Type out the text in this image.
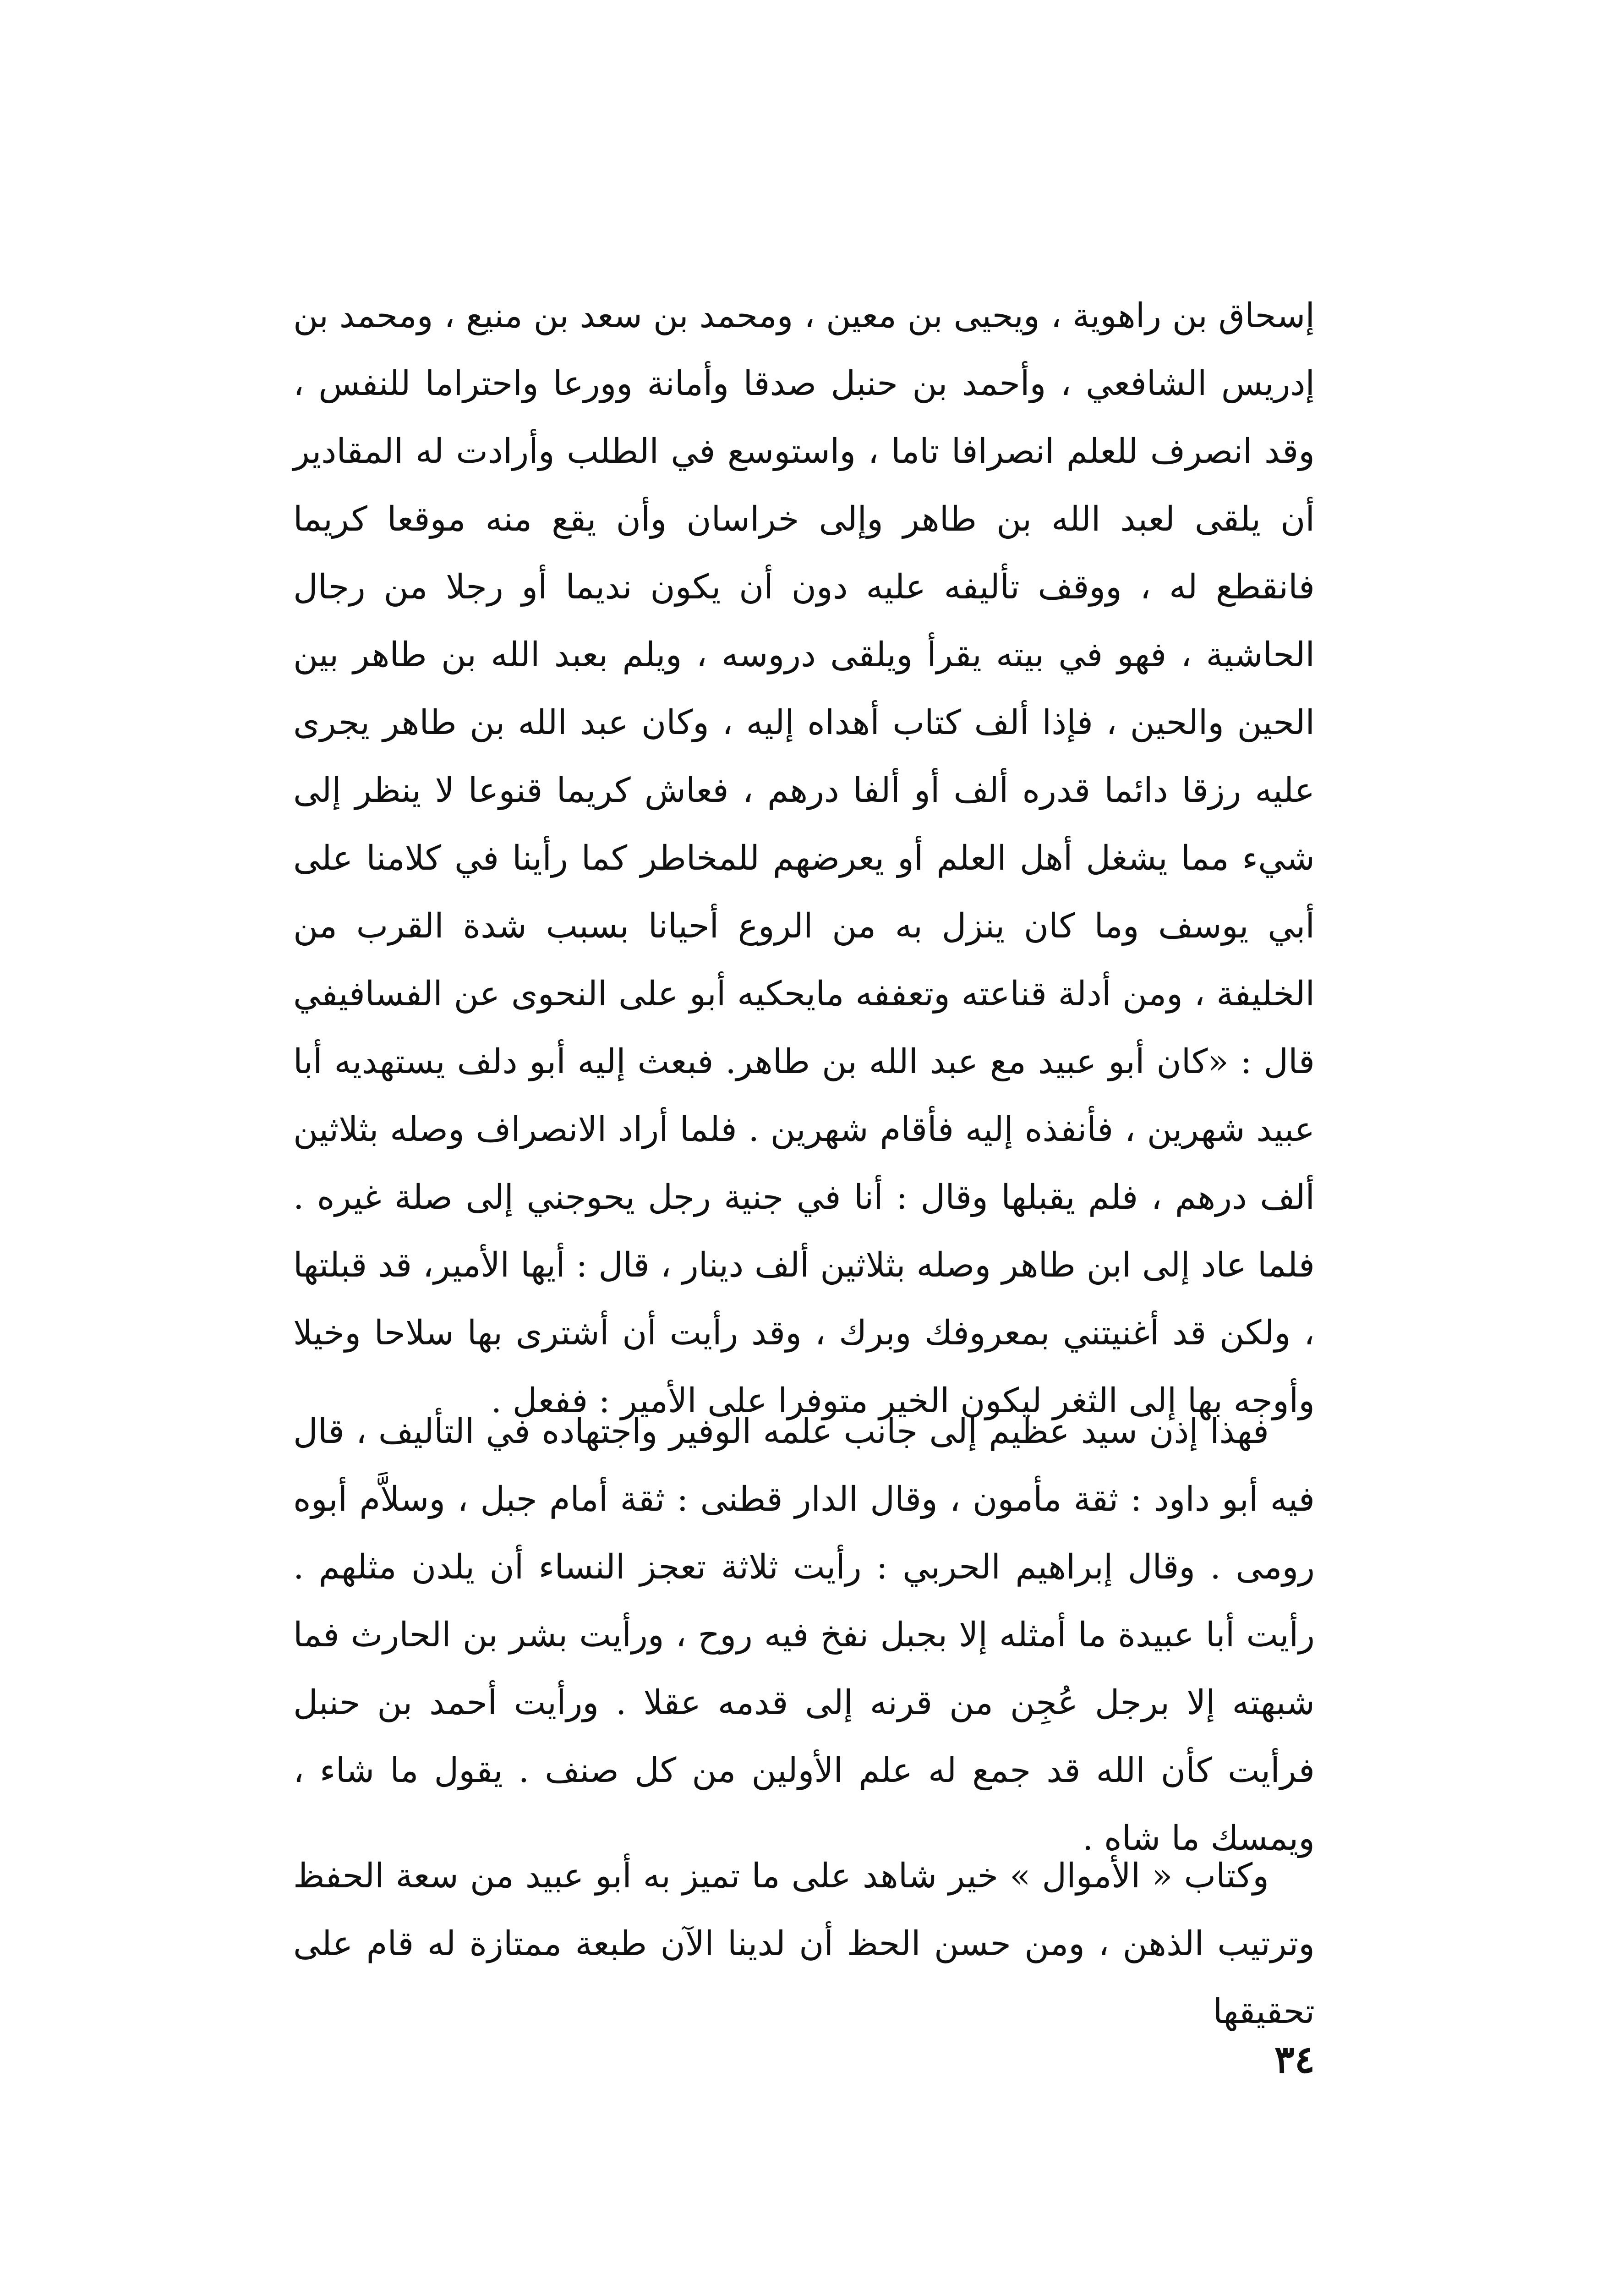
إسحاق بن راهوية ، ويحيى بن معين ، ومحمد بن سعد بن منيع ، ومحمد بن إدريس الشافعي ، وأحمد بن حنبل صدقا وأمانة وورعا واحتراما للنفس ، وقد انصرف للعلم انصرافا تاما ، واستوسع في الطلب وأرادت له المقادير أن يلقى لعبد الله بن طاهر وإلى خراسان وأن يقع منه موقعا كريما فانقطع له ، ووقف تأليفه عليه دون أن يكون نديما أو رجلا من رجال الحاشية ، فهو في بيته يقرأ ويلقى دروسه ، ويلم بعبد الله بن طاهر بين الحين والحين ، فإذا ألف كتاب أهداه إليه ، وكان عبد الله بن طاهر يجرى عليه رزقا دائما قدره ألف أو ألفا درهم ، فعاش كريما قنوعا لا ينظر إلى شيء مما يشغل أهل العلم أو يعرضهم للمخاطر كما رأينا في كلامنا على أبي يوسف وما كان ينزل به من الروع أحيانا بسبب شدة القرب من الخليفة ، ومن أدلة قناعته وتعففه مايحكيه أبو على النحوى عن الفسافيفي قال : «كان أبو عبيد مع عبد الله بن طاهر. فبعث إليه أبو دلف يستهديه أبا عبيد شهرين ، فأنفذه إليه فأقام شهرين . فلما أراد الانصراف وصله بثلاثين ألف درهم ، فلم يقبلها وقال : أنا في جنية رجل يحوجني إلى صلة غيره . فلما عاد إلى ابن طاهر وصله بثلاثين ألف دينار ، قال : أيها الأمير، قد قبلتها ، ولكن قد أغنيتني بمعروفك وبرك ، وقد رأيت أن أشترى بها سلاحا وخيلا وأوجه بها إلى الثغر ليكون الخير متوفرا على الأمير : ففعل .

فهذا إذن سيد عظيم إلى جانب علمه الوفير واجتهاده في التأليف ، قال فيه أبو داود : ثقة مأمون ، وقال الدار قطنى : ثقة أمام جبل ، وسلاَّم أبوه رومى . وقال إبراهيم الحربي : رأيت ثلاثة تعجز النساء أن يلدن مثلهم . رأيت أبا عبيدة ما أمثله إلا بجبل نفخ فيه روح ، ورأيت بشر بن الحارث فما شبهته إلا برجل عُجِن من قرنه إلى قدمه عقلا . ورأيت أحمد بن حنبل فرأيت كأن الله قد جمع له علم الأولين من كل صنف . يقول ما شاء ، ويمسك ما شاه .

وكتاب « الأموال » خير شاهد على ما تميز به أبو عبيد من سعة الحفظ وترتيب الذهن ، ومن حسن الحظ أن لدينا الآن طبعة ممتازة له قام على تحقيقها

٣٤
